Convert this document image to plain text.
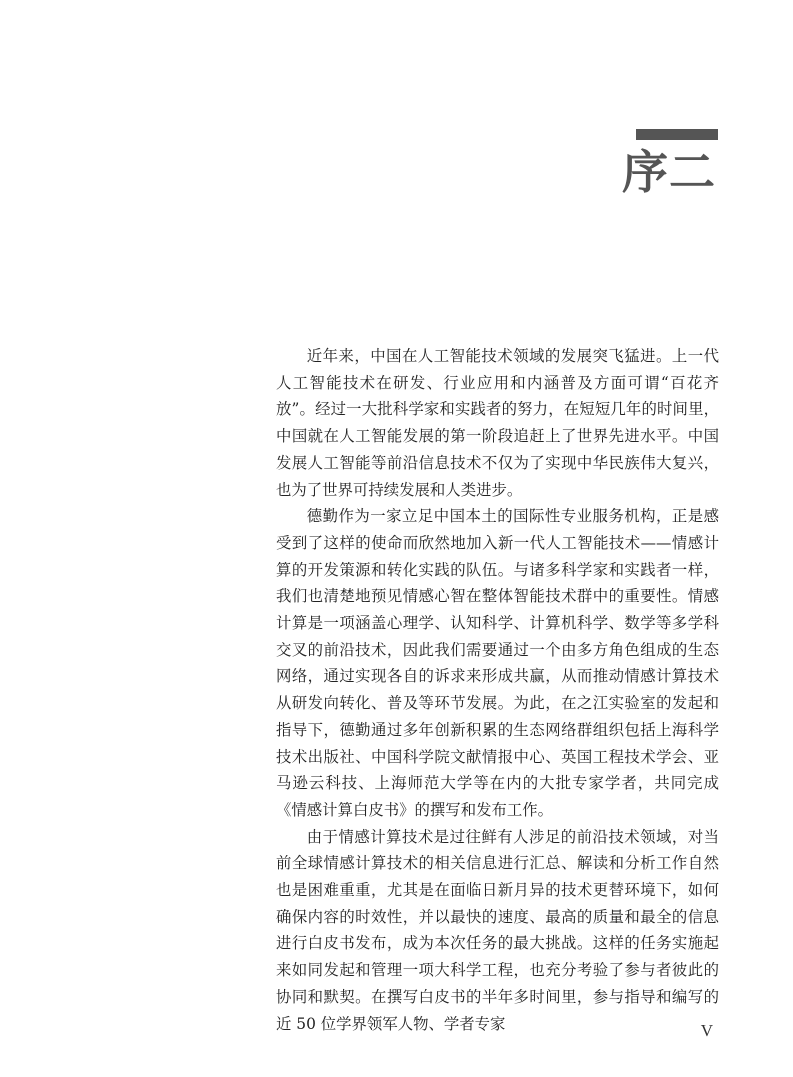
序二

近年来，中国在人工智能技术领域的发展突飞猛进。上一代人工智能技术在研发、行业应用和内涵普及方面可谓“百花齐放”。经过一大批科学家和实践者的努力，在短短几年的时间里，中国就在人工智能发展的第一阶段追赶上了世界先进水平。中国发展人工智能等前沿信息技术不仅为了实现中华民族伟大复兴，也为了世界可持续发展和人类进步。

德勤作为一家立足中国本土的国际性专业服务机构，正是感受到了这样的使命而欣然地加入新一代人工智能技术——情感计算的开发策源和转化实践的队伍。与诸多科学家和实践者一样，我们也清楚地预见情感心智在整体智能技术群中的重要性。情感计算是一项涵盖心理学、认知科学、计算机科学、数学等多学科交叉的前沿技术，因此我们需要通过一个由多方角色组成的生态网络，通过实现各自的诉求来形成共赢，从而推动情感计算技术从研发向转化、普及等环节发展。为此，在之江实验室的发起和指导下，德勤通过多年创新积累的生态网络群组织包括上海科学技术出版社、中国科学院文献情报中心、英国工程技术学会、亚马逊云科技、上海师范大学等在内的大批专家学者，共同完成《情感计算白皮书》的撰写和发布工作。

由于情感计算技术是过往鲜有人涉足的前沿技术领域，对当前全球情感计算技术的相关信息进行汇总、解读和分析工作自然也是困难重重，尤其是在面临日新月异的技术更替环境下，如何确保内容的时效性，并以最快的速度、最高的质量和最全的信息进行白皮书发布，成为本次任务的最大挑战。这样的任务实施起来如同发起和管理一项大科学工程，也充分考验了参与者彼此的协同和默契。在撰写白皮书的半年多时间里，参与指导和编写的近 50 位学界领军人物、学者专家	V
